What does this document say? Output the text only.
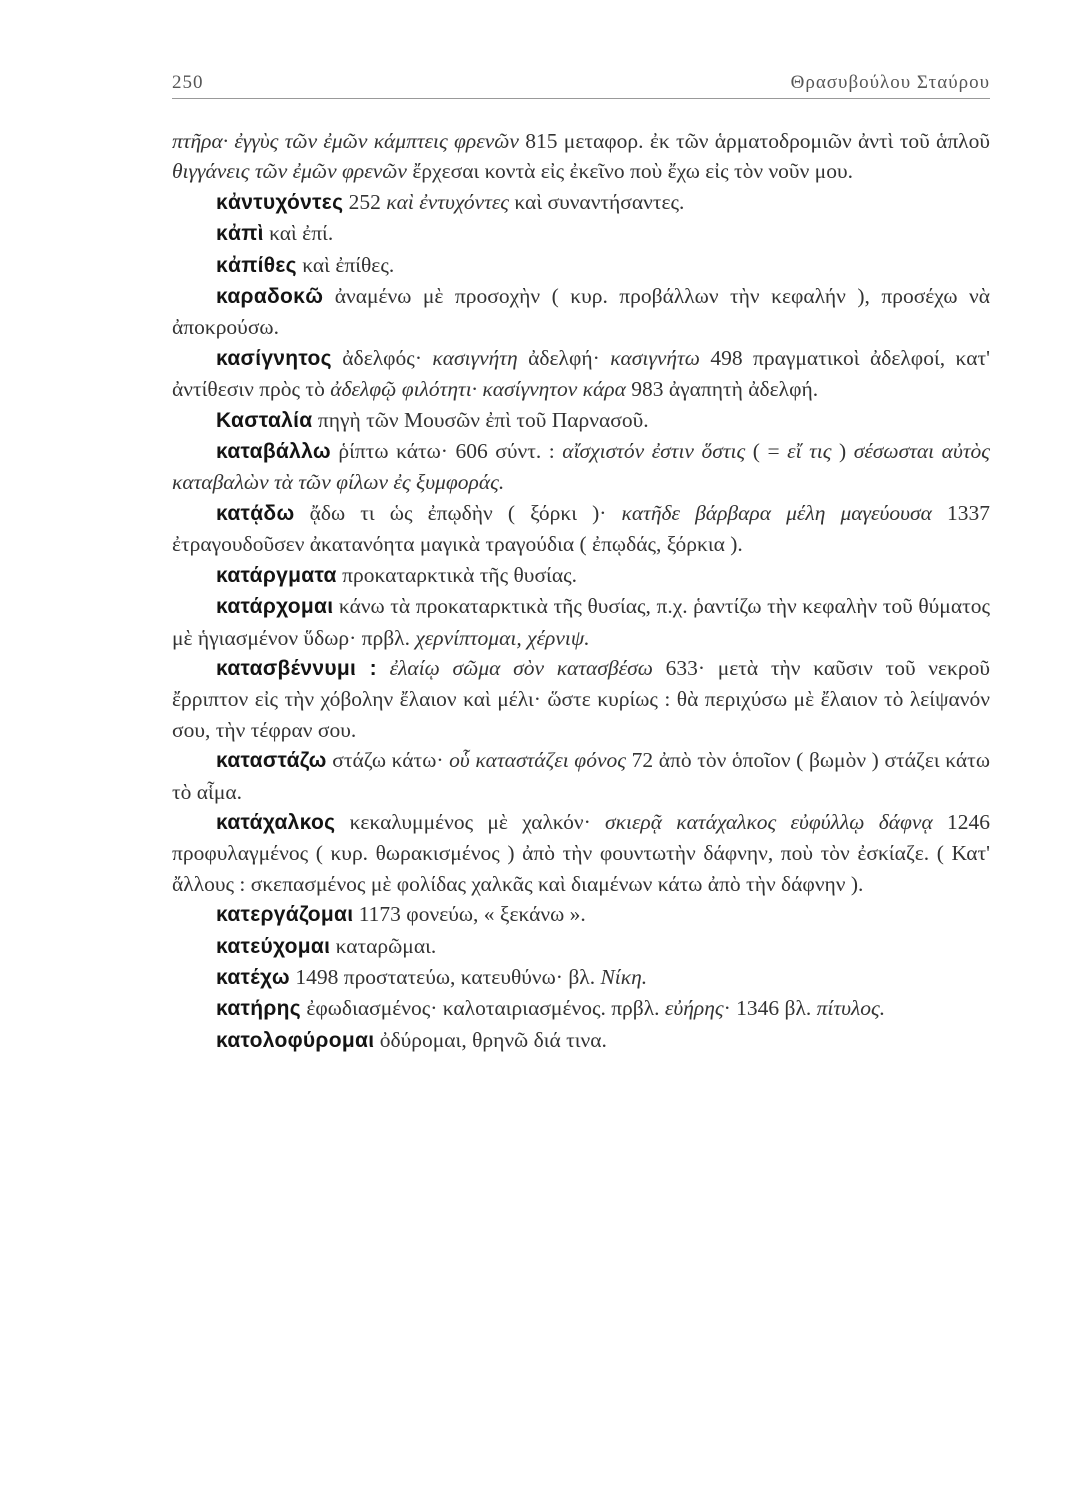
250	Θρασυβούλου Σταύρου

πτῆρα· ἐγγὺς τῶν ἐμῶν κάμπτεις φρενῶν 815 μεταφορ. ἐκ τῶν ἁρματοδρομιῶν ἀντὶ τοῦ ἁπλοῦ θιγγάνεις τῶν ἐμῶν φρενῶν ἔρχεσαι κοντὰ εἰς ἐκεῖνο ποὺ ἔχω εἰς τὸν νοῦν μου.

κἀντυχόντες 252 καὶ ἐντυχόντες καὶ συναντήσαντες.

κἀπὶ καὶ ἐπί.

κἀπίθες καὶ ἐπίθες.

καραδοκῶ ἀναμένω μὲ προσοχὴν ( κυρ. προβάλλων τὴν κεφαλήν ), προσέχω νὰ ἀποκρούσω.

κασίγνητος ἀδελφός· κασιγνήτη ἀδελφή· κασιγνήτω 498 πραγματικοὶ ἀδελφοί, κατ' ἀντίθεσιν πρὸς τὸ ἀδελφῷ φιλότητι· κασίγνητον κάρα 983 ἀγαπητὴ ἀδελφή.

Κασταλία πηγὴ τῶν Μουσῶν ἐπὶ τοῦ Παρνασοῦ.

καταβάλλω ῥίπτω κάτω· 606 σύντ. : αἴσχιστόν ἐστιν ὅστις ( = εἴ τις ) σέσωσται αὐτὸς καταβαλὼν τὰ τῶν φίλων ἐς ξυμφοράς.

κατᾴδω ᾄδω τι ὡς ἐπῳδὴν ( ξόρκι )· κατῆδε βάρβαρα μέλη μαγεύουσα 1337 ἐτραγουδοῦσεν ἀκατανόητα μαγικὰ τραγούδια ( ἐπῳδάς, ξόρκια ).

κατάργματα προκαταρκτικὰ τῆς θυσίας.

κατάρχομαι κάνω τὰ προκαταρκτικὰ τῆς θυσίας, π.χ. ῥαντίζω τὴν κεφαλὴν τοῦ θύματος μὲ ἡγιασμένον ὕδωρ· πρβλ. χερνίπτομαι, χέρνιψ.

κατασβέννυμι : ἐλαίῳ σῶμα σὸν κατασβέσω 633· μετὰ τὴν καῦσιν τοῦ νεκροῦ ἔρριπτον εἰς τὴν χόβολην ἔλαιον καὶ μέλι· ὥστε κυρίως : θὰ περιχύσω μὲ ἔλαιον τὸ λείψανόν σου, τὴν τέφραν σου.

καταστάζω στάζω κάτω· οὗ καταστάζει φόνος 72 ἀπὸ τὸν ὁποῖον ( βωμὸν ) στάζει κάτω τὸ αἷμα.

κατάχαλκος κεκαλυμμένος μὲ χαλκόν· σκιερᾷ κατάχαλκος εὐφύλλῳ δάφνᾳ 1246 προφυλαγμένος ( κυρ. θωρακισμένος ) ἀπὸ τὴν φουντωτὴν δάφνην, ποὺ τὸν ἐσκίαζε. ( Κατ' ἄλλους : σκεπασμένος μὲ φολίδας χαλκᾶς καὶ διαμένων κάτω ἀπὸ τὴν δάφνην ).

κατεργάζομαι 1173 φονεύω, « ξεκάνω ».

κατεύχομαι καταρῶμαι.

κατέχω 1498 προστατεύω, κατευθύνω· βλ. Νίκη.

κατήρης ἐφωδιασμένος· καλοταιριασμένος. πρβλ. εὐήρης· 1346 βλ. πίτυλος.

κατολοφύρομαι ὀδύρομαι, θρηνῶ διά τινα.
